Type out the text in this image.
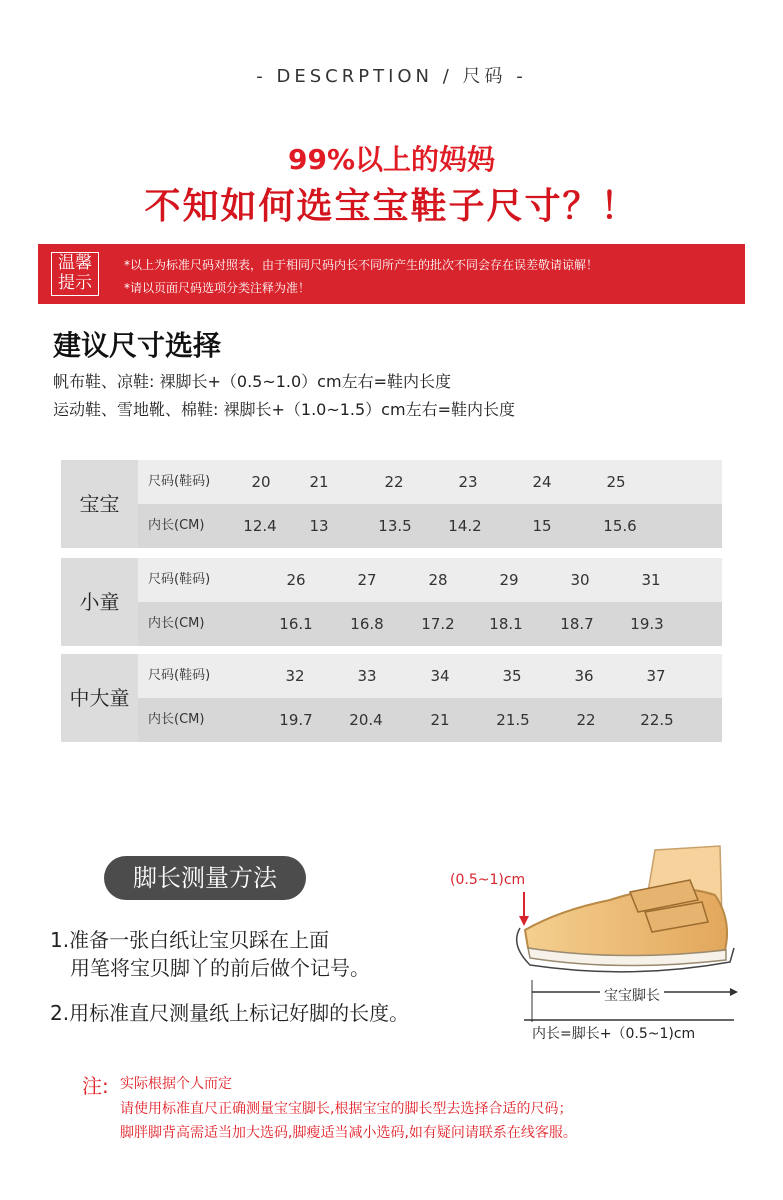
- DESCRPTION / 尺码 -
99%以上的妈妈
不知如何选宝宝鞋子尺寸？！
温馨
提示
*以上为标准尺码对照表，由于相同尺码内长不同所产生的批次不同会存在误差敬请谅解！
*请以页面尺码选项分类注释为准！
建议尺寸选择
帆布鞋、凉鞋: 裸脚长+（0.5~1.0）cm左右=鞋内长度
运动鞋、雪地靴、棉鞋: 裸脚长+（1.0~1.5）cm左右=鞋内长度
宝宝
尺码(鞋码)	20	21	22	23	24	25
内长(CM)	12.4	13	13.5	14.2	15	15.6
小童
尺码(鞋码)	26	27	28	29	30	31
内长(CM)	16.1	16.8	17.2	18.1	18.7	19.3
中大童
尺码(鞋码)	32	33	34	35	36	37
内长(CM)	19.7	20.4	21	21.5	22	22.5
脚长测量方法
1.准备一张白纸让宝贝踩在上面
用笔将宝贝脚丫的前后做个记号。
2.用标准直尺测量纸上标记好脚的长度。
(0.5~1)cm
宝宝脚长
内长=脚长+（0.5~1)cm
注: 实际根据个人而定
请使用标准直尺正确测量宝宝脚长,根据宝宝的脚长型去选择合适的尺码；
脚胖脚背高需适当加大选码,脚瘦适当减小选码,如有疑问请联系在线客服。
